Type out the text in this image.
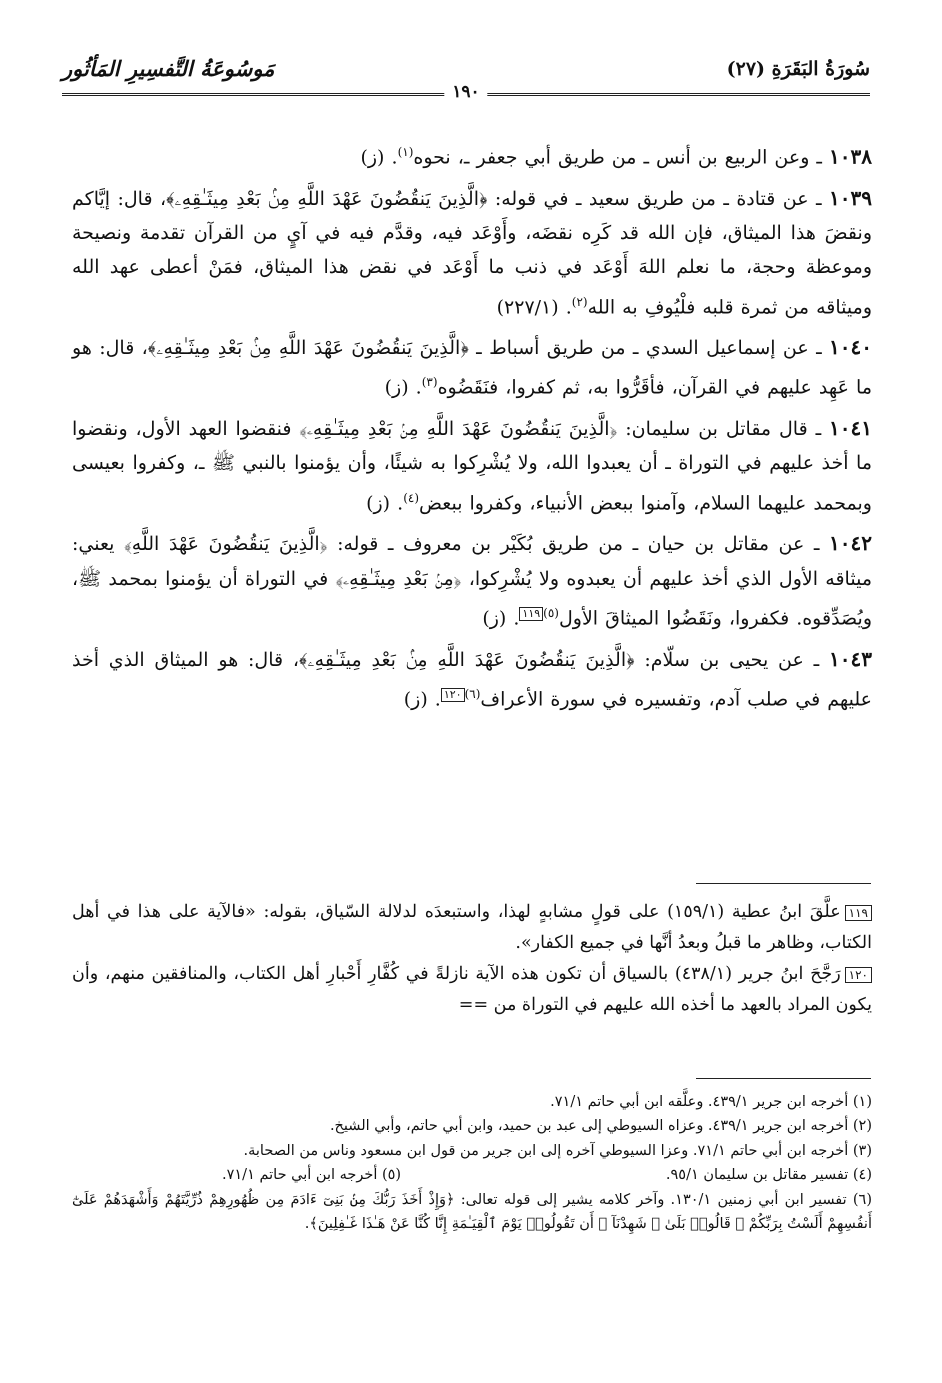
سُورَةُ البَقَرَةِ (٢٧)
مَوسُوعَةُ التَّفسِيرِ المَأثُور
١٩٠

١٠٣٨ ـ وعن الربيع بن أنس ـ من طريق أبي جعفر ـ، نحوه$^{(١)}$. (ز)

١٠٣٩ ـ عن قتادة ـ من طريق سعيد ـ في قوله: ﴿الَّذِينَ يَنقُضُونَ عَهْدَ اللَّهِ مِنۢ بَعْدِ مِيثَـٰقِهِۦ﴾، قال: إيَّاكم ونقضَ هذا الميثاق، فإن الله قد كَرِه نقضَه، وأَوْعَد فيه، وقدَّم فيه في آيٍ من القرآن تقدمة ونصيحة وموعظة وحجة، ما نعلم اللهَ أَوْعَد في ذنب ما أَوْعَد في نقض هذا الميثاق، فمَنْ أعطى عهد الله وميثاقه من ثمرة قلبه فلْيُوفِ به الله$^{(٢)}$. (٢٢٧/١)

١٠٤٠ ـ عن إسماعيل السدي ـ من طريق أسباط ـ ﴿الَّذِينَ يَنقُضُونَ عَهْدَ اللَّهِ مِنۢ بَعْدِ مِيثَـٰقِهِۦ﴾، قال: هو ما عَهِد عليهم في القرآن، فأقَرُّوا به، ثم كفروا، فنَقَضُوه$^{(٣)}$. (ز)

١٠٤١ ـ قال مقاتل بن سليمان: ﴿الَّذِينَ يَنقُضُونَ عَهْدَ اللَّهِ مِنۢ بَعْدِ مِيثَـٰقِهِۦ﴾ فنقضوا العهد الأول، ونقضوا ما أخذ عليهم في التوراة ـ أن يعبدوا الله، ولا يُشْرِكوا به شيئًا، وأن يؤمنوا بالنبي ﷺ ـ، وكفروا بعيسى وبمحمد عليهما السلام، وآمنوا ببعض الأنبياء، وكفروا ببعض$^{(٤)}$. (ز)

١٠٤٢ ـ عن مقاتل بن حيان ـ من طريق بُكَيْر بن معروف ـ قوله: ﴿الَّذِينَ يَنقُضُونَ عَهْدَ اللَّهِ﴾ يعني: ميثاقه الأول الذي أخذ عليهم أن يعبدوه ولا يُشْرِكوا، ﴿مِنۢ بَعْدِ مِيثَـٰقِهِۦ﴾ في التوراة أن يؤمنوا بمحمد ﷺ، ويُصَدِّقوه. فكفروا، ونَقَضُوا الميثاقَ الأول$^{(٥)}$١١٩. (ز)

١٠٤٣ ـ عن يحيى بن سلّام: ﴿الَّذِينَ يَنقُضُونَ عَهْدَ اللَّهِ مِنۢ بَعْدِ مِيثَـٰقِهِۦ﴾، قال: هو الميثاق الذي أخذ عليهم في صلب آدم، وتفسيره في سورة الأعراف$^{(٦)}$١٢٠. (ز)

١١٩علَّقَ ابنُ عطية (١٥٩/١) على قولٍ مشابهٍ لهذا، واستبعدَه لدلالة السّياق، بقوله: «فالآية على هذا في أهل الكتاب، وظاهر ما قبلُ وبعدُ أنَّها في جميع الكفار».

١٢٠رَجَّحَ ابنُ جرير (٤٣٨/١) بالسياق أن تكون هذه الآية نازلةً في كُفَّارِ أَحْبارِ أهل الكتاب، والمنافقين منهم، وأن يكون المراد بالعهد ما أخذه الله عليهم في التوراة من ==

(١) أخرجه ابن جرير ٤٣٩/١. وعلَّقه ابن أبي حاتم ٧١/١.

(٢) أخرجه ابن جرير ٤٣٩/١. وعزاه السيوطي إلى عبد بن حميد، وابن أبي حاتم، وأبي الشيخ.

(٣) أخرجه ابن أبي حاتم ٧١/١. وعزا السيوطي آخره إلى ابن جرير من قول ابن مسعود وناس من الصحابة.

(٤) تفسير مقاتل بن سليمان ٩٥/١.
(٥) أخرجه ابن أبي حاتم ٧١/١.

(٦) تفسير ابن أبي زمنين ١٣٠/١. وآخر كلامه يشير إلى قوله تعالى: ﴿وَإِذْ أَخَذَ رَبُّكَ مِنۢ بَنِىٓ ءَادَمَ مِن ظُهُورِهِمْ ذُرِّيَّتَهُمْ وَأَشْهَدَهُمْ عَلَىٰٓ أَنفُسِهِمْ أَلَسْتُ بِرَبِّكُمْ ۖ قَالُوا۟ بَلَىٰ ۛ شَهِدْنَآ ۛ أَن تَقُولُوا۟ يَوْمَ ٱلْقِيَـٰمَةِ إِنَّا كُنَّا عَنْ هَـٰذَا غَـٰفِلِينَ﴾.
